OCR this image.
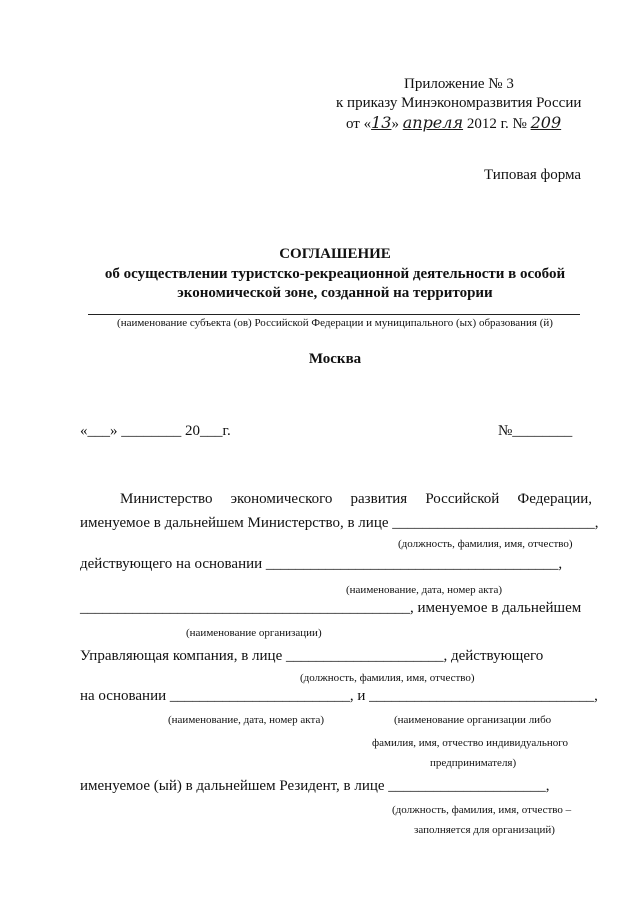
Приложение № 3
к приказу Минэкономразвития России
от «13» апреля 2012 г. № 209
Типовая форма
СОГЛАШЕНИЕ
об осуществлении туристско-рекреационной деятельности в особой
экономической зоне, созданной на территории
(наименование субъекта (ов) Российской Федерации и муниципального (ых) образования (й)
Москва
«___» ________ 20___г.	№________
Министерство экономического развития Российской Федерации,
именуемое в дальнейшем Министерство, в лице ___________________________,
(должность, фамилия, имя, отчество)
действующего на основании _______________________________________,
(наименование, дата, номер акта)
____________________________________________, именуемое в дальнейшем
(наименование организации)
Управляющая компания, в лице _____________________, действующего
(должность, фамилия, имя, отчество)
на основании ________________________, и ______________________________,
(наименование, дата, номер акта)	(наименование организации либо
фамилия, имя, отчество индивидуального
предпринимателя)
именуемое (ый) в дальнейшем Резидент, в лице _____________________,
(должность, фамилия, имя, отчество –
заполняется для организаций)
